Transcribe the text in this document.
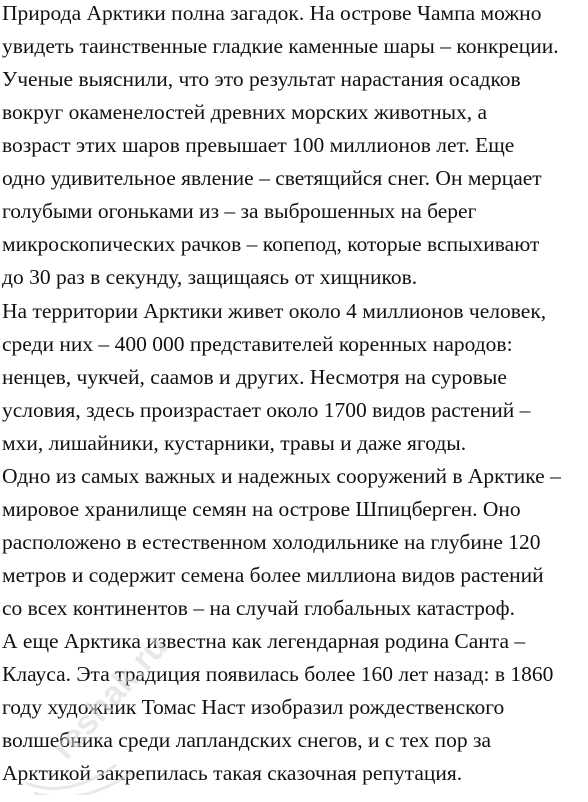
Природа Арктики полна загадок. На острове Чампа можно

увидеть таинственные гладкие каменные шары – конкреции.

Ученые выяснили, что это результат нарастания осадков

вокруг окаменелостей древних морских животных, а

возраст этих шаров превышает 100 миллионов лет. Еще

одно удивительное явление – светящийся снег. Он мерцает

голубыми огоньками из – за выброшенных на берег

микроскопических рачков – копепод, которые вспыхивают

до 30 раз в секунду, защищаясь от хищников.

На территории Арктики живет около 4 миллионов человек,

среди них – 400 000 представителей коренных народов:

ненцев, чукчей, саамов и других. Несмотря на суровые

условия, здесь произрастает около 1700 видов растений –

мхи, лишайники, кустарники, травы и даже ягоды.

Одно из самых важных и надежных сооружений в Арктике –

мировое хранилище семян на острове Шпицберген. Оно

расположено в естественном холодильнике на глубине 120

метров и содержит семена более миллиона видов растений

со всех континентов – на случай глобальных катастроф.

А еще Арктика известна как легендарная родина Санта –

Клауса. Эта традиция появилась более 160 лет назад: в 1860

году художник Томас Наст изобразил рождественского

волшебника среди лапландских снегов, и с тех пор за

Арктикой закрепилась такая сказочная репутация.

reshak.ru
